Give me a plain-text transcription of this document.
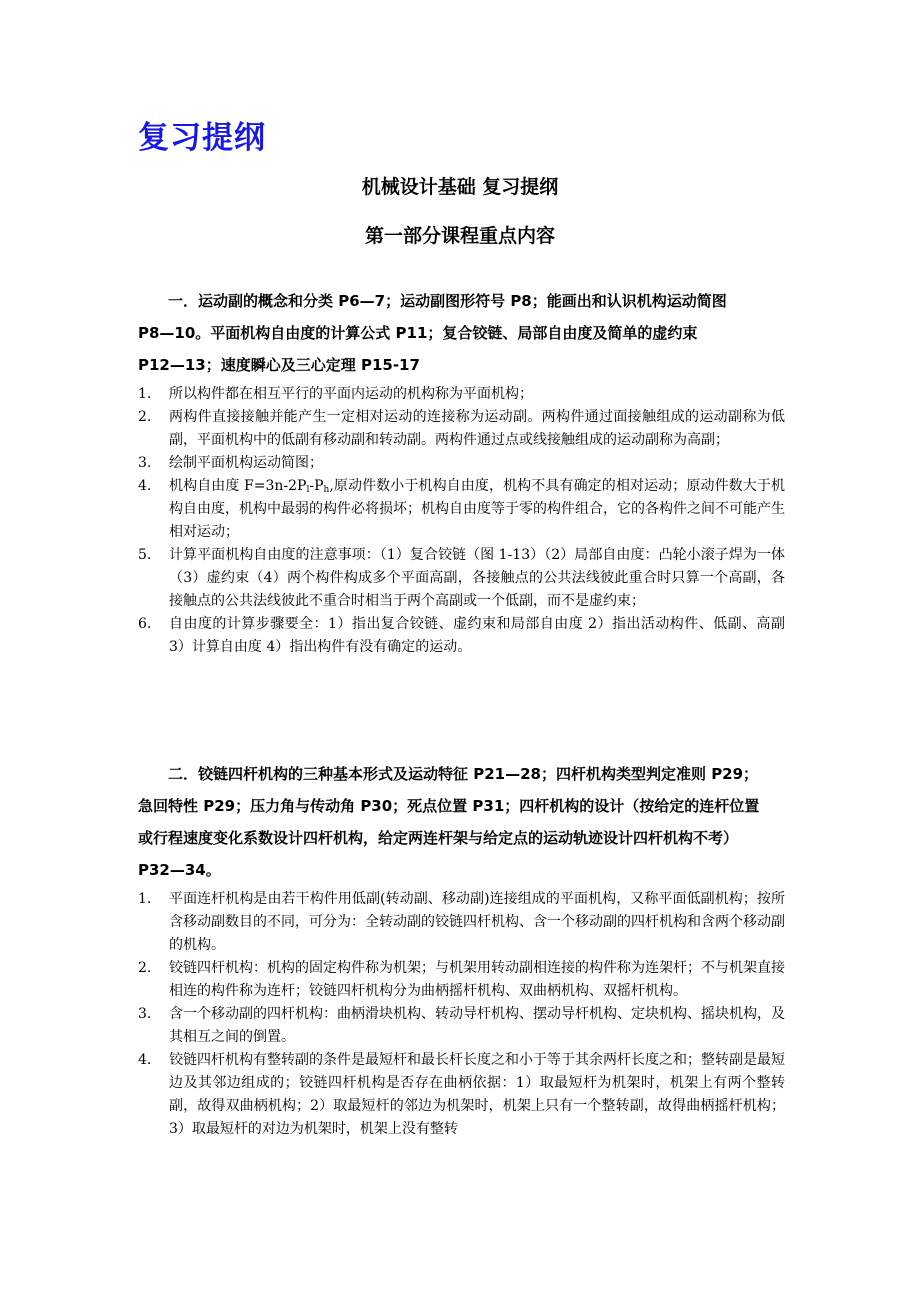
复习提纲
机械设计基础 复习提纲
第一部分课程重点内容
一．运动副的概念和分类 P6—7；运动副图形符号 P8；能画出和认识机构运动简图
P8—10。平面机构自由度的计算公式 P11；复合铰链、局部自由度及简单的虚约束
P12—13；速度瞬心及三心定理 P15-17
1. 所以构件都在相互平行的平面内运动的机构称为平面机构；
2. 两构件直接接触并能产生一定相对运动的连接称为运动副。两构件通过面接触组成的运动副称为低副，平面机构中的低副有移动副和转动副。两构件通过点或线接触组成的运动副称为高副；
3. 绘制平面机构运动简图；
4. 机构自由度 $F=3n-2P_l-P_h$,原动件数小于机构自由度，机构不具有确定的相对运动；原动件数大于机构自由度，机构中最弱的构件必将损坏；机构自由度等于零的构件组合，它的各构件之间不可能产生相对运动；
5. 计算平面机构自由度的注意事项：（1）复合铰链（图 1-13）（2）局部自由度：凸轮小滚子焊为一体（3）虚约束（4）两个构件构成多个平面高副，各接触点的公共法线彼此重合时只算一个高副，各接触点的公共法线彼此不重合时相当于两个高副或一个低副，而不是虚约束；
6. 自由度的计算步骤要全：1）指出复合铰链、虚约束和局部自由度 2）指出活动构件、低副、高副 3）计算自由度 4）指出构件有没有确定的运动。
二．铰链四杆机构的三种基本形式及运动特征 P21—28；四杆机构类型判定准则 P29；
急回特性 P29；压力角与传动角 P30；死点位置 P31；四杆机构的设计（按给定的连杆位置
或行程速度变化系数设计四杆机构，给定两连杆架与给定点的运动轨迹设计四杆机构不考）
P32—34。
1. 平面连杆机构是由若干构件用低副(转动副、移动副)连接组成的平面机构，又称平面低副机构；按所含移动副数目的不同，可分为：全转动副的铰链四杆机构、含一个移动副的四杆机构和含两个移动副的机构。
2. 铰链四杆机构：机构的固定构件称为机架；与机架用转动副相连接的构件称为连架杆；不与机架直接相连的构件称为连杆；铰链四杆机构分为曲柄摇杆机构、双曲柄机构、双摇杆机构。
3. 含一个移动副的四杆机构：曲柄滑块机构、转动导杆机构、摆动导杆机构、定块机构、摇块机构，及其相互之间的倒置。
4. 铰链四杆机构有整转副的条件是最短杆和最长杆长度之和小于等于其余两杆长度之和；整转副是最短边及其邻边组成的；铰链四杆机构是否存在曲柄依据：1）取最短杆为机架时，机架上有两个整转副，故得双曲柄机构；2）取最短杆的邻边为机架时，机架上只有一个整转副，故得曲柄摇杆机构；3）取最短杆的对边为机架时，机架上没有整转
